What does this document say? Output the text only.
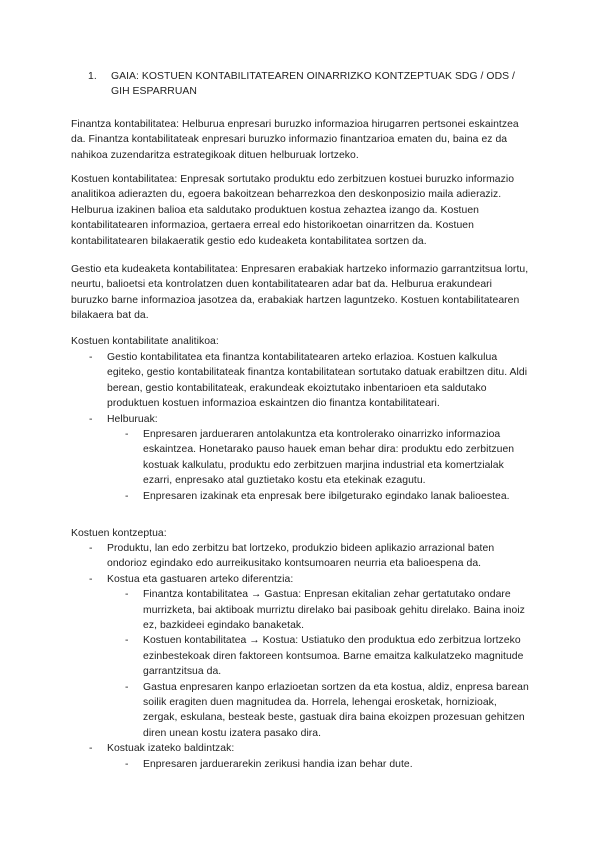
1.	GAIA: KOSTUEN KONTABILITATEAREN OINARRIZKO KONTZEPTUAK SDG / ODS / GIH ESPARRUAN

Finantza kontabilitatea: Helburua enpresari buruzko informazioa hirugarren pertsonei eskaintzea da. Finantza kontabilitateak enpresari buruzko informazio finantzarioa ematen du, baina ez da nahikoa zuzendaritza estrategikoak dituen helburuak lortzeko.

Kostuen kontabilitatea: Enpresak sortutako produktu edo zerbitzuen kostuei buruzko informazio analitikoa adierazten du, egoera bakoitzean beharrezkoa den deskonposizio maila adieraziz. Helburua izakinen balioa eta saldutako produktuen kostua zehaztea izango da. Kostuen kontabilitatearen informazioa, gertaera erreal edo historikoetan oinarritzen da. Kostuen kontabilitatearen bilakaeratik gestio edo kudeaketa kontabilitatea sortzen da.

Gestio eta kudeaketa kontabilitatea: Enpresaren erabakiak hartzeko informazio garrantzitsua lortu, neurtu, balioetsi eta kontrolatzen duen kontabilitatearen adar bat da. Helburua erakundeari buruzko barne informazioa jasotzea da, erabakiak hartzen laguntzeko. Kostuen kontabilitatearen bilakaera bat da.

Kostuen kontabilitate analitikoa:
- Gestio kontabilitatea eta finantza kontabilitatearen arteko erlazioa. Kostuen kalkulua egiteko, gestio kontabilitateak finantza kontabilitatean sortutako datuak erabiltzen ditu. Aldi berean, gestio kontabilitateak, erakundeak ekoiztutako inbentarioen eta saldutako produktuen kostuen informazioa eskaintzen dio finantza kontabilitateari.
- Helburuak:
- Enpresaren jardueraren antolakuntza eta kontrolerako oinarrizko informazioa eskaintzea. Honetarako pauso hauek eman behar dira: produktu edo zerbitzuen kostuak kalkulatu, produktu edo zerbitzuen marjina industrial eta komertzialak ezarri, enpresako atal guztietako kostu eta etekinak ezagutu.
- Enpresaren izakinak eta enpresak bere ibilgeturako egindako lanak balioestea.
Kostuen kontzeptua:
- Produktu, lan edo zerbitzu bat lortzeko, produkzio bideen aplikazio arrazional baten ondorioz egindako edo aurreikusitako kontsumoaren neurria eta balioespena da.
- Kostua eta gastuaren arteko diferentzia:
- Finantza kontabilitatea → Gastua: Enpresan ekitalian zehar gertatutako ondare murrizketa, bai aktiboak murriztu direlako bai pasiboak gehitu direlako. Baina inoiz ez, bazkideei egindako banaketak.
- Kostuen kontabilitatea → Kostua: Ustiatuko den produktua edo zerbitzua lortzeko ezinbestekoak diren faktoreen kontsumoa. Barne emaitza kalkulatzeko magnitude garrantzitsua da.
- Gastua enpresaren kanpo erlazioetan sortzen da eta kostua, aldiz, enpresa barean soilik eragiten duen magnitudea da. Horrela, lehengai erosketak, hornizioak, zergak, eskulana, besteak beste, gastuak dira baina ekoizpen prozesuan gehitzen diren unean kostu izatera pasako dira.
- Kostuak izateko baldintzak:
- Enpresaren jarduerarekin zerikusi handia izan behar dute.
